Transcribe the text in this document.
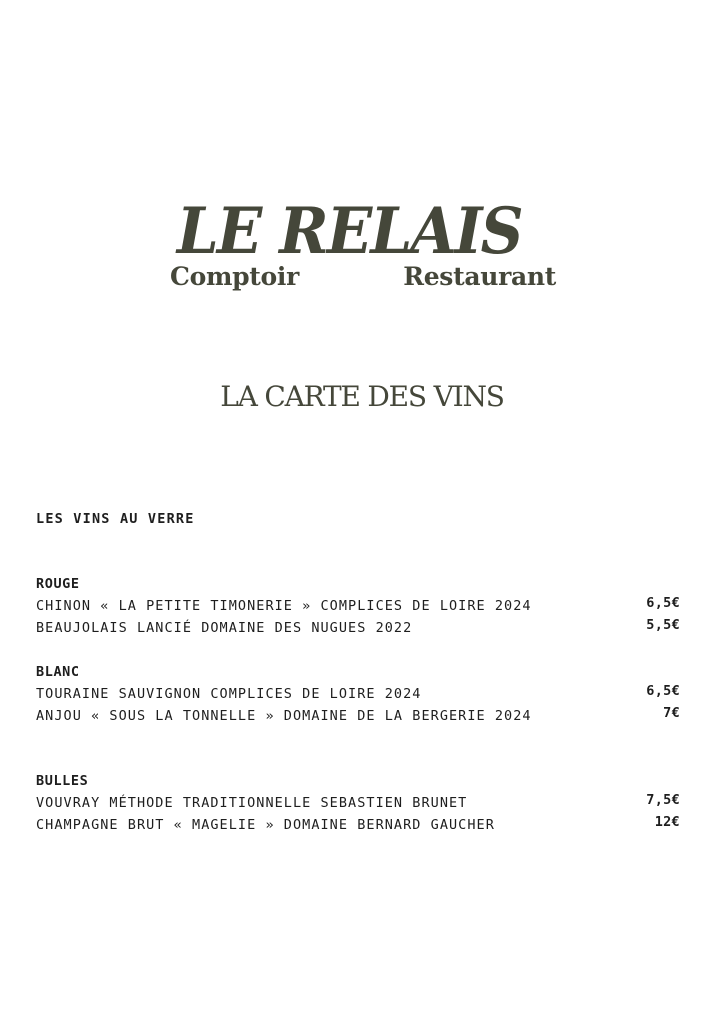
LE RELAIS
Comptoir	Restaurant
LA CARTE DES VINS
LES VINS AU VERRE
ROUGE
CHINON « LA PETITE TIMONERIE » COMPLICES DE LOIRE 2024	6,5€
BEAUJOLAIS LANCIÉ DOMAINE DES NUGUES 2022	5,5€
BLANC
TOURAINE SAUVIGNON COMPLICES DE LOIRE 2024	6,5€
ANJOU « SOUS LA TONNELLE » DOMAINE DE LA BERGERIE 2024	7€
BULLES
VOUVRAY MÉTHODE TRADITIONNELLE SEBASTIEN BRUNET	7,5€
CHAMPAGNE BRUT « MAGELIE » DOMAINE BERNARD GAUCHER	12€
